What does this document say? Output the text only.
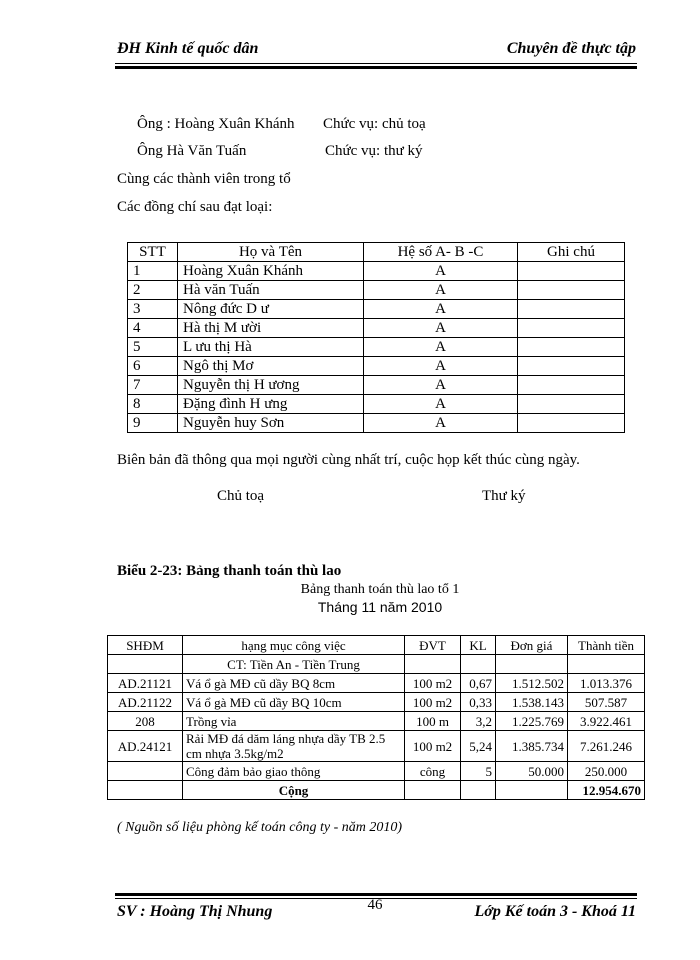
ĐH Kinh tế quốc dân	Chuyên đề thực tập
Ông : Hoàng Xuân Khánh Chức vụ: chủ toạ
Ông Hà Văn Tuấn	Chức vụ: thư ký
Cùng các thành viên trong tổ
Các đồng chí sau đạt loại:
STT	Họ và Tên	Hệ số A- B -C	Ghi chú
1	Hoàng Xuân Khánh	A	
2	Hà văn Tuấn	A	
3	Nông đức D ư	A	
4	Hà thị M ười	A	
5	L ưu thị Hà	A	
6	Ngô thị Mơ	A	
7	Nguyễn thị H ương	A	
8	Đặng đình H ưng	A	
9	Nguyễn huy Sơn	A	
Biên bản đã thông qua mọi người cùng nhất trí, cuộc họp kết thúc cùng ngày.
Chủ toạ	Thư ký
Biểu 2-23: Bảng thanh toán thù lao
Bảng thanh toán thù lao tổ 1
Tháng 11 năm 2010
SHĐM	hạng mục công việc	ĐVT	KL	Đơn giá	Thành tiền
	CT: Tiền An - Tiền Trung				
AD.21121	Vá ổ gà MĐ cũ dầy BQ 8cm	100 m2	0,67	1.512.502	1.013.376
AD.21122	Vá ổ gà MĐ cũ dầy BQ 10cm	100 m2	0,33	1.538.143	507.587
208	Trồng vỉa	100 m	3,2	1.225.769	3.922.461
AD.24121	Rải MĐ đá dăm láng nhựa dầy TB 2.5 cm nhựa 3.5kg/m2	100 m2	5,24	1.385.734	7.261.246
	Công đảm bảo giao thông	công	5	50.000	250.000
	Cộng				12.954.670
( Nguồn số liệu phòng kế toán công ty - năm 2010)
SV : Hoàng Thị Nhung	46	Lớp Kế toán 3 - Khoá 11
